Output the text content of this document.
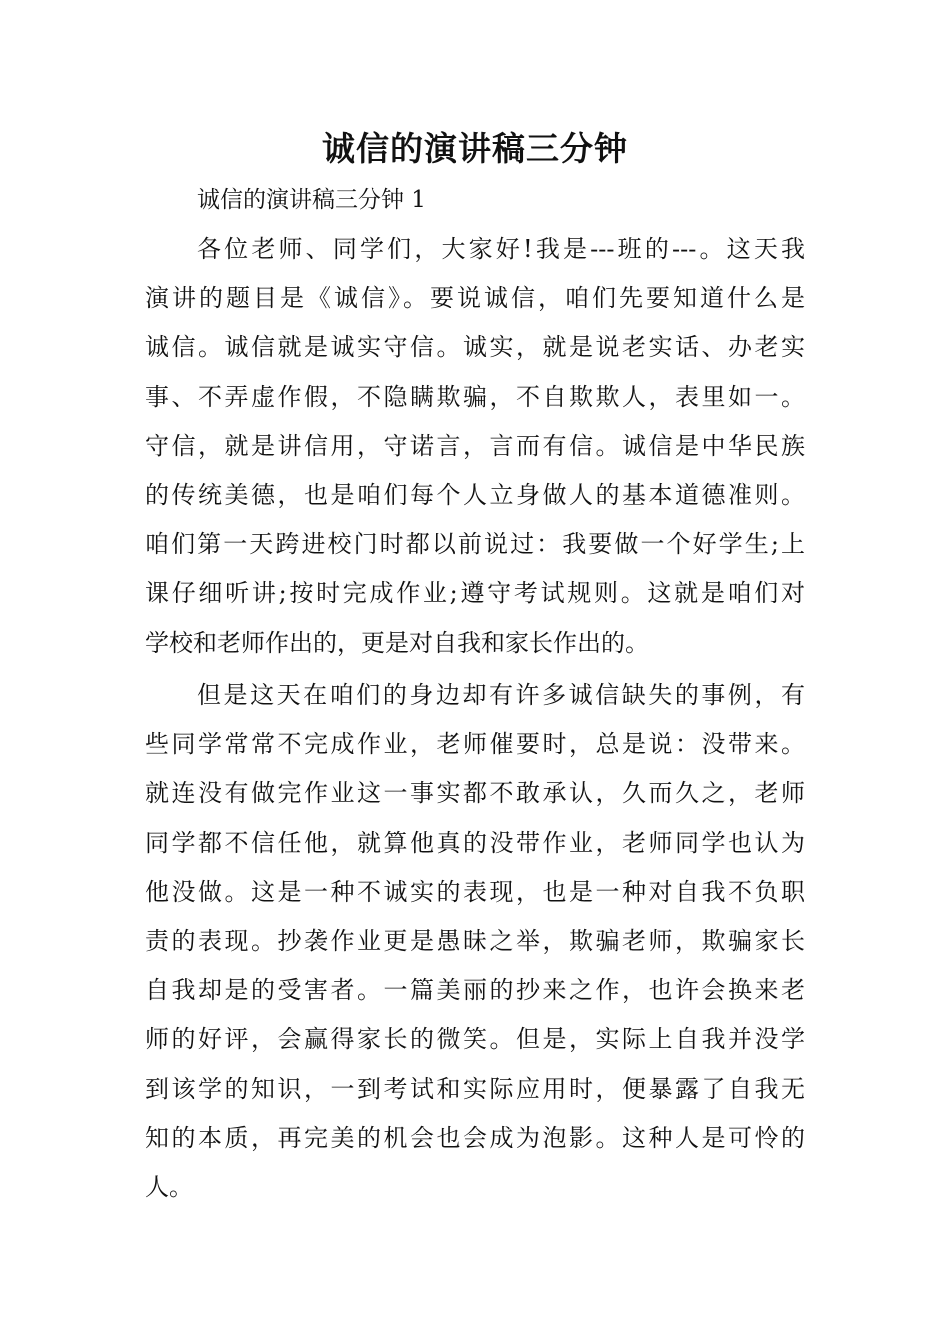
诚信的演讲稿三分钟

诚信的演讲稿三分钟 1

各位老师、同学们，大家好!我是---班的---。这天我
演讲的题目是《诚信》。要说诚信，咱们先要知道什么是
诚信。诚信就是诚实守信。诚实，就是说老实话、办老实
事、不弄虚作假，不隐瞒欺骗，不自欺欺人，表里如一。
守信，就是讲信用，守诺言，言而有信。诚信是中华民族
的传统美德，也是咱们每个人立身做人的基本道德准则。
咱们第一天跨进校门时都以前说过：我要做一个好学生;上
课仔细听讲;按时完成作业;遵守考试规则。这就是咱们对
学校和老师作出的，更是对自我和家长作出的。
但是这天在咱们的身边却有许多诚信缺失的事例，有
些同学常常不完成作业，老师催要时，总是说：没带来。
就连没有做完作业这一事实都不敢承认，久而久之，老师
同学都不信任他，就算他真的没带作业，老师同学也认为
他没做。这是一种不诚实的表现，也是一种对自我不负职
责的表现。抄袭作业更是愚昧之举，欺骗老师，欺骗家长
自我却是的受害者。一篇美丽的抄来之作，也许会换来老
师的好评，会赢得家长的微笑。但是，实际上自我并没学
到该学的知识，一到考试和实际应用时，便暴露了自我无
知的本质，再完美的机会也会成为泡影。这种人是可怜的
人。
